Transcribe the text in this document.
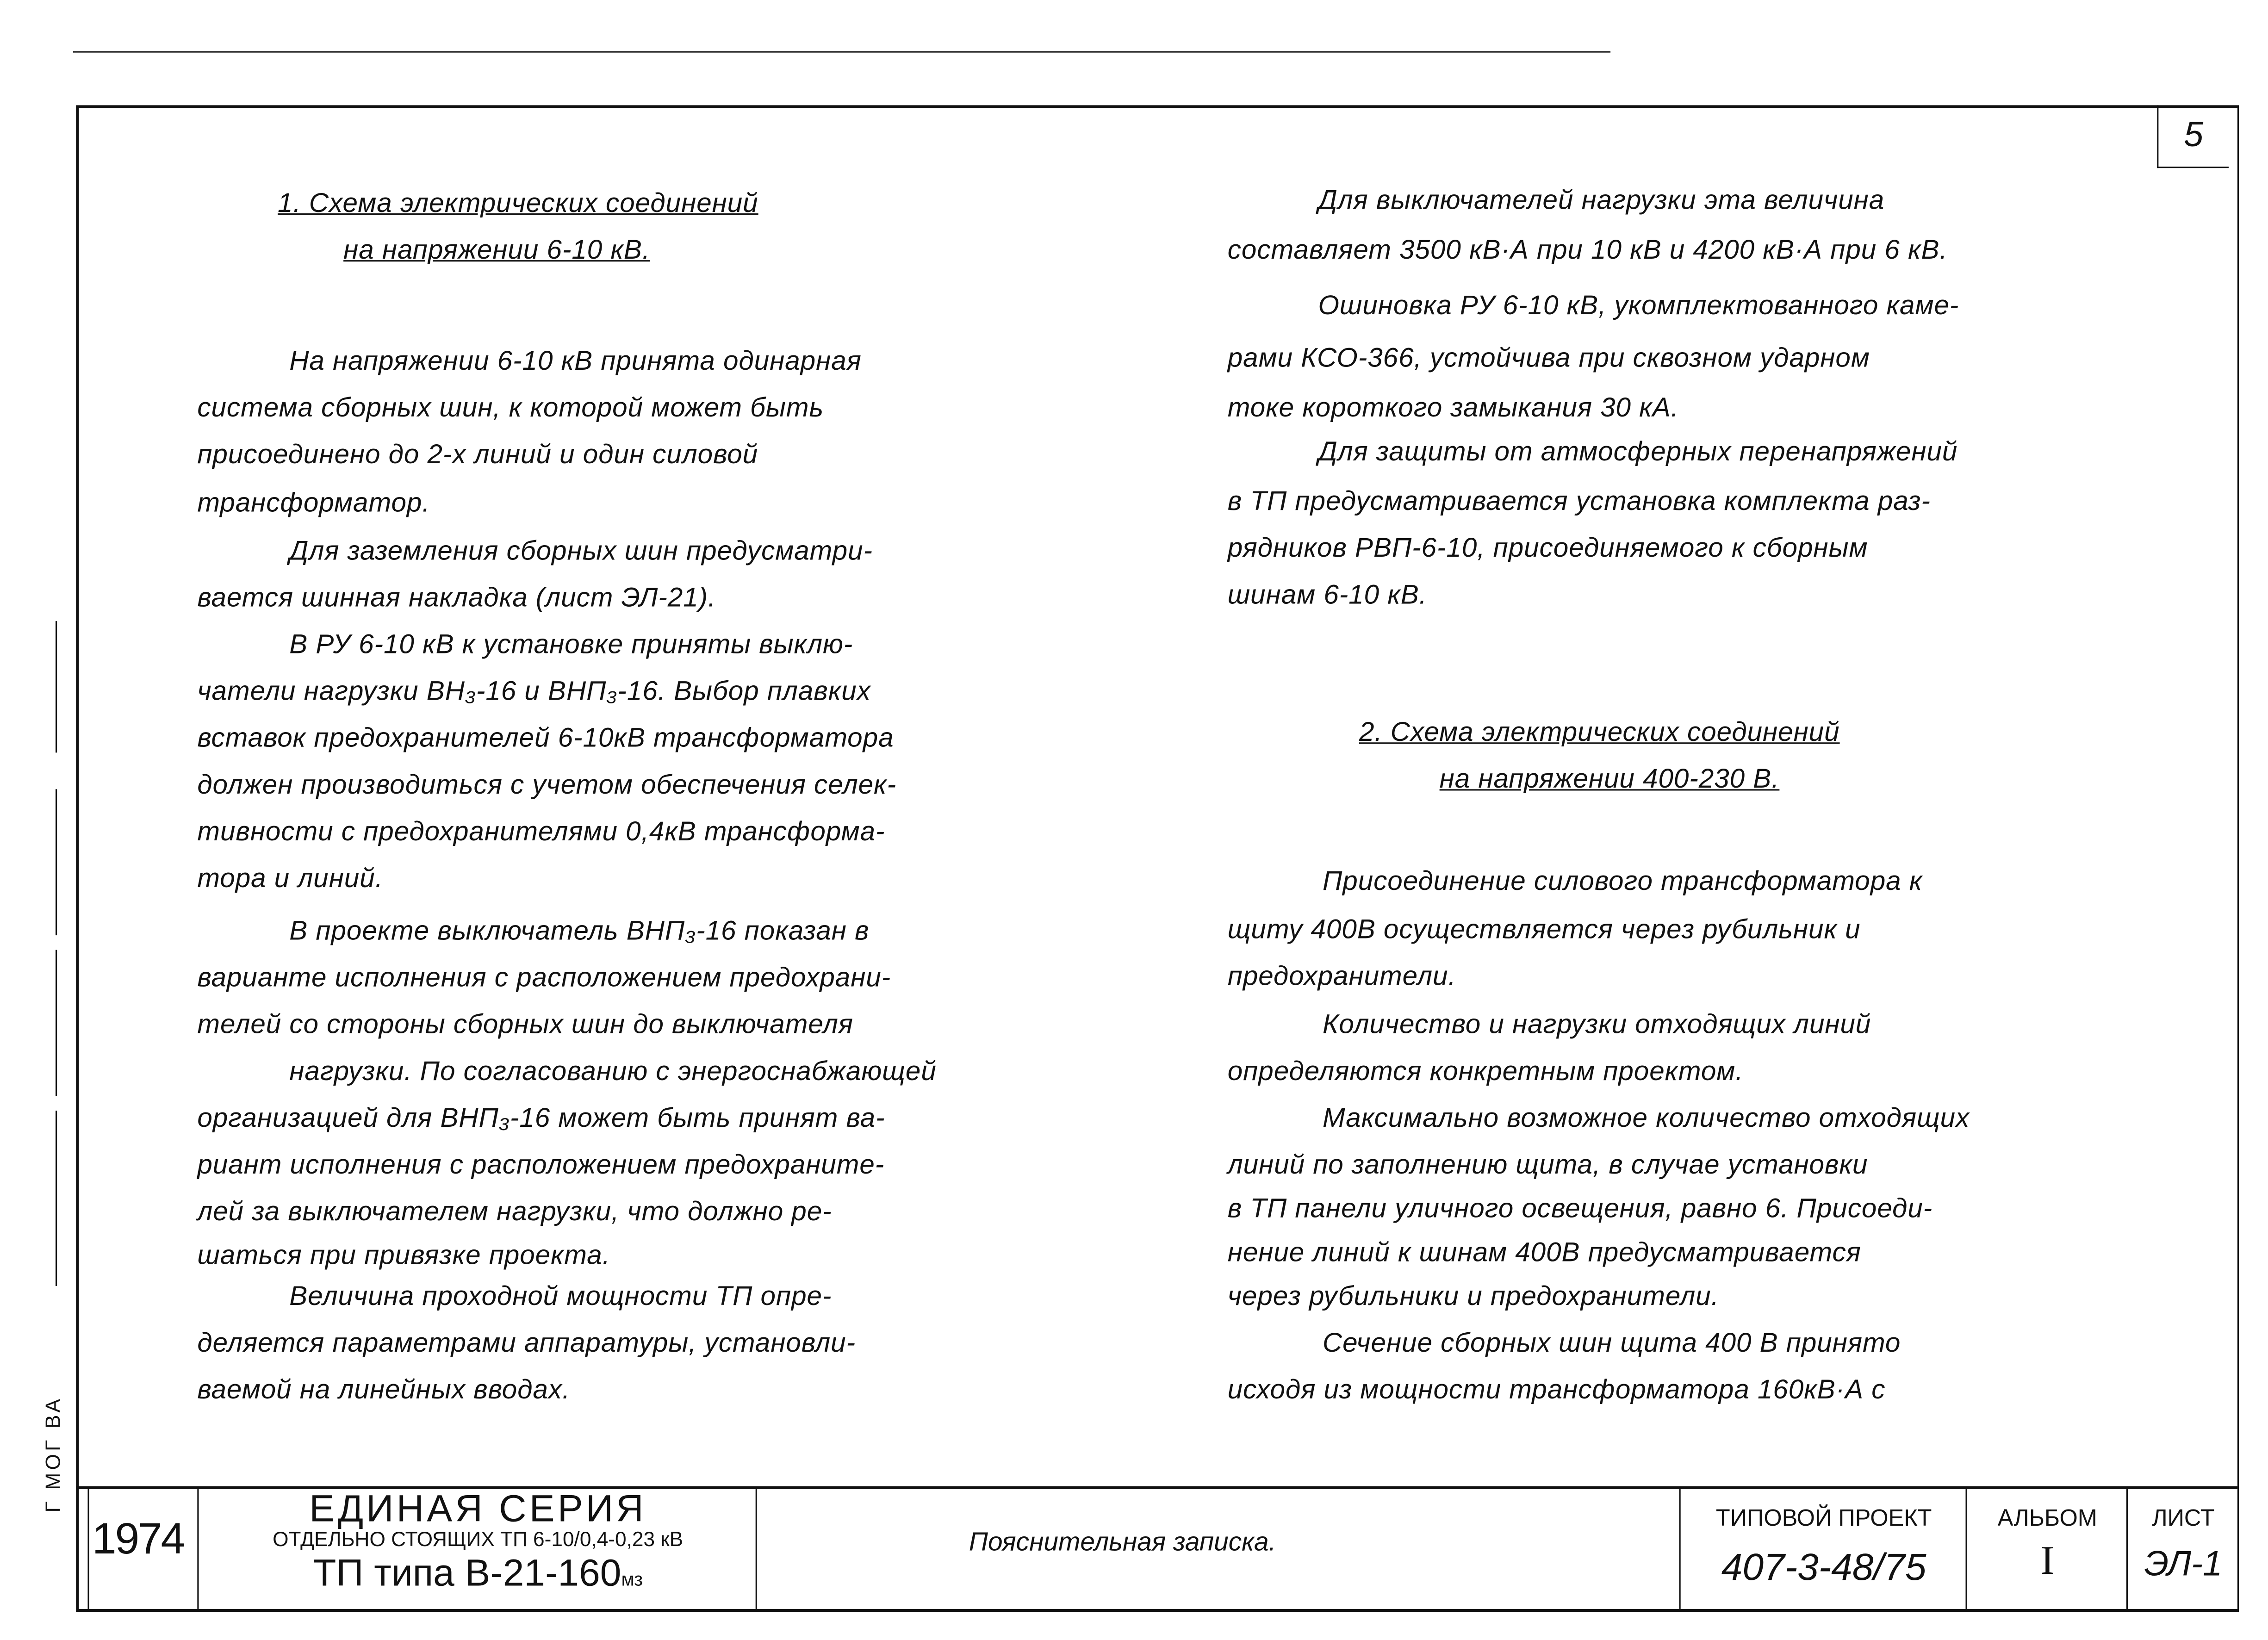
5
Г МОГ ВА
1. Схема электрических соединений
на напряжении 6-10 кВ.
На напряжении 6-10 кВ принята одинарная
система сборных шин, к которой может быть
присоединено до 2-х линий и один силовой
трансформатор.
Для заземления сборных шин предусматри-
вается шинная накладка (лист ЭЛ-21).
В РУ 6-10 кВ к установке приняты выклю-
чатели нагрузки ВН₃-16 и ВНП₃-16. Выбор плавких
вставок предохранителей 6-10кВ трансформатора
должен производиться с учетом обеспечения селек-
тивности с предохранителями 0,4кВ трансформа-
тора и линий.
В проекте выключатель ВНП₃-16 показан в
варианте исполнения с расположением предохрани-
телей со стороны сборных шин до выключателя
нагрузки. По согласованию с энергоснабжающей
организацией для ВНП₃-16 может быть принят ва-
риант исполнения с расположением предохраните-
лей за выключателем нагрузки, что должно ре-
шаться при привязке проекта.
Величина проходной мощности ТП опре-
деляется параметрами аппаратуры, установли-
ваемой на линейных вводах.
Для выключателей нагрузки эта величина
составляет 3500 кВ·А при 10 кВ и 4200 кВ·А при 6 кВ.
Ошиновка РУ 6-10 кВ, укомплектованного каме-
рами КСО-366, устойчива при сквозном ударном
токе короткого замыкания 30 кА.
Для защиты от атмосферных перенапряжений
в ТП предусматривается установка комплекта раз-
рядников РВП-6-10, присоединяемого к сборным
шинам 6-10 кВ.
2. Схема электрических соединений
на напряжении 400-230 В.
Присоединение силового трансформатора к
щиту 400В осуществляется через рубильник и
предохранители.
Количество и нагрузки отходящих линий
определяются конкретным проектом.
Максимально возможное количество отходящих
линий по заполнению щита, в случае установки
в ТП панели уличного освещения, равно 6. Присоеди-
нение линий к шинам 400В предусматривается
через рубильники и предохранители.
Сечение сборных шин щита 400 В принято
исходя из мощности трансформатора 160кВ·А с
1974
ЕДИНАЯ СЕРИЯ
ОТДЕЛЬНО СТОЯЩИХ ТП 6-10/0,4-0,23 кВ
ТП типа В-21-160мз
Пояснительная записка.
ТИПОВОЙ ПРОЕКТ
407-3-48/75
АЛЬБОМ
I
ЛИСТ
ЭЛ-1
